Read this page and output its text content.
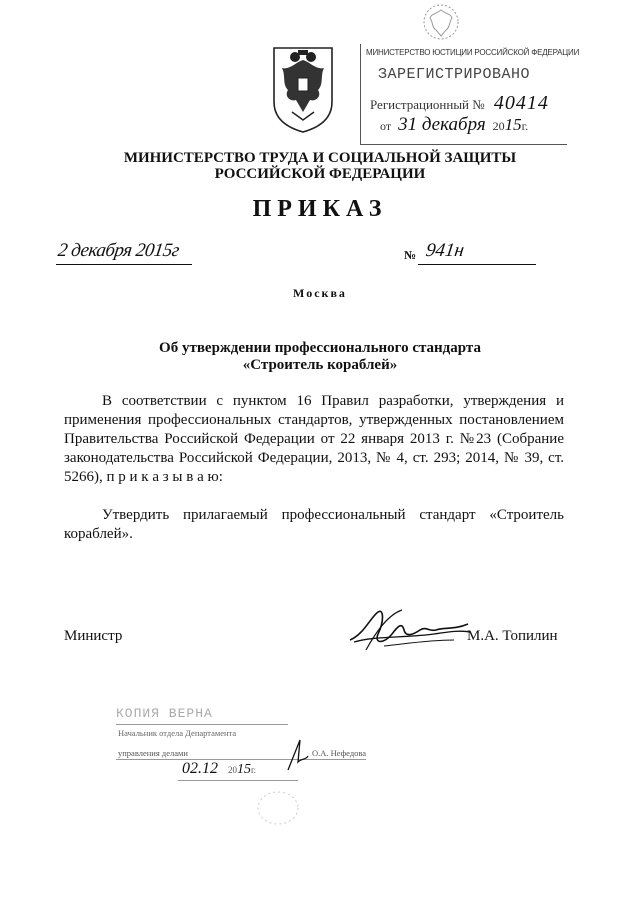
МИНИСТЕРСТВО ЮСТИЦИИ РОССИЙСКОЙ ФЕДЕРАЦИИ
ЗАРЕГИСТРИРОВАНО
Регистрационный № 40414
от 31 декабря 2015г.
МИНИСТЕРСТВО ТРУДА И СОЦИАЛЬНОЙ ЗАЩИТЫ
РОССИЙСКОЙ ФЕДЕРАЦИИ
ПРИКАЗ
2 декабря 2015г	№ 941н
Москва
Об утверждении профессионального стандарта
«Строитель кораблей»

В соответствии с пунктом 16 Правил разработки, утверждения и применения профессиональных стандартов, утвержденных постановлением Правительства Российской Федерации от 22 января 2013 г. №23 (Собрание законодательства Российской Федерации, 2013, № 4, ст. 293; 2014, № 39, ст. 5266), п р и к а з ы в а ю:

Утвердить прилагаемый профессиональный стандарт «Строитель кораблей».

Министр	М.А. Топилин
КОПИЯ ВЕРНА
Начальник отдела Департамента
управления делами	О.А. Нефедова
02.12 2015г.
